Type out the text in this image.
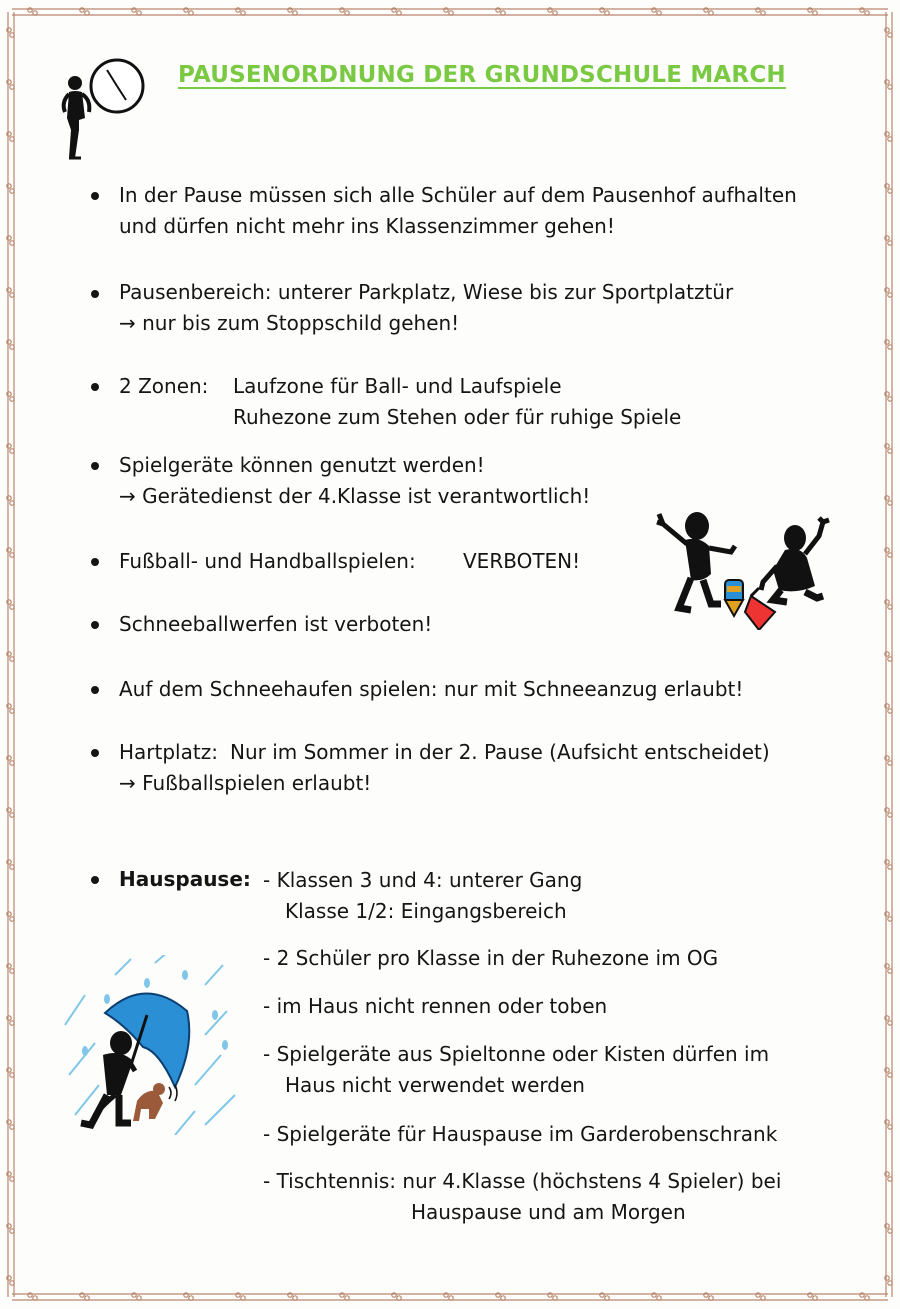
PAUSENORDNUNG DER GRUNDSCHULE MARCH
In der Pause müssen sich alle Schüler auf dem Pausenhof aufhalten
und dürfen nicht mehr ins Klassenzimmer gehen!
Pausenbereich: unterer Parkplatz, Wiese bis zur Sportplatztür
→ nur bis zum Stoppschild gehen!
2 Zonen: Laufzone für Ball- und Laufspiele
Ruhezone zum Stehen oder für ruhige Spiele
Spielgeräte können genutzt werden!
→ Gerätedienst der 4.Klasse ist verantwortlich!
Fußball- und Handballspielen: VERBOTEN!
Schneeballwerfen ist verboten!
Auf dem Schneehaufen spielen: nur mit Schneeanzug erlaubt!
Hartplatz: Nur im Sommer in der 2. Pause (Aufsicht entscheidet)
→ Fußballspielen erlaubt!
Hauspause: - Klassen 3 und 4: unterer Gang
Klasse 1/2: Eingangsbereich
- 2 Schüler pro Klasse in der Ruhezone im OG
- im Haus nicht rennen oder toben
- Spielgeräte aus Spieltonne oder Kisten dürfen im
Haus nicht verwendet werden
- Spielgeräte für Hauspause im Garderobenschrank
- Tischtennis: nur 4.Klasse (höchstens 4 Spieler) bei
Hauspause und am Morgen
